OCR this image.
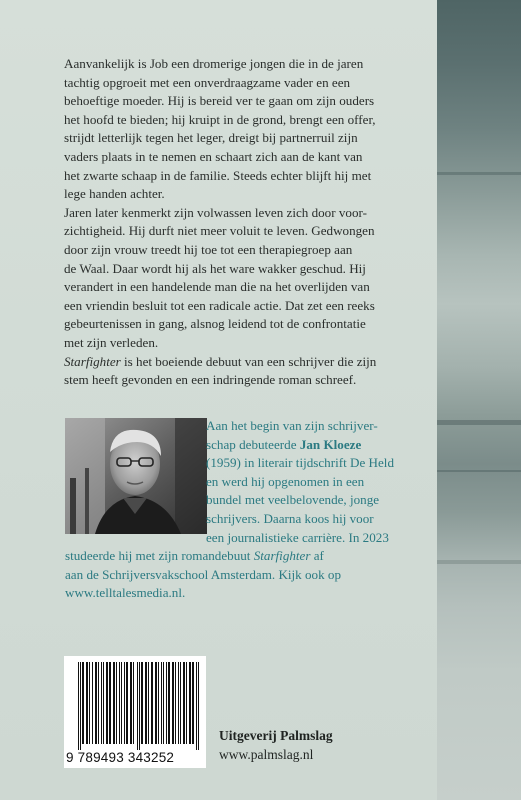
Aanvankelijk is Job een dromerige jongen die in de jaren
tachtig opgroeit met een onverdraagzame vader en een
behoeftige moeder. Hij is bereid ver te gaan om zijn ouders
het hoofd te bieden; hij kruipt in de grond, brengt een offer,
strijdt letterlijk tegen het leger, dreigt bij partnerruil zijn
vaders plaats in te nemen en schaart zich aan de kant van
het zwarte schaap in de familie. Steeds echter blijft hij met
lege handen achter.

Jaren later kenmerkt zijn volwassen leven zich door voor-
zichtigheid. Hij durft niet meer voluit te leven. Gedwongen
door zijn vrouw treedt hij toe tot een therapiegroep aan
de Waal. Daar wordt hij als het ware wakker geschud. Hij
verandert in een handelende man die na het overlijden van
een vriendin besluit tot een radicale actie. Dat zet een reeks
gebeurtenissen in gang, alsnog leidend tot de confrontatie
met zijn verleden.

Starfighter is het boeiende debuut van een schrijver die zijn
stem heeft gevonden en een indringende roman schreef.

Aan het begin van zijn schrijver-
schap debuteerde Jan Kloeze
(1959) in literair tijdschrift De Held
en werd hij opgenomen in een
bundel met veelbelovende, jonge
schrijvers. Daarna koos hij voor
een journalistieke carrière. In 2023
studeerde hij met zijn romandebuut Starfighter af
aan de Schrijversvakschool Amsterdam. Kijk ook op
www.telltalesmedia.nl.
9 789493 343252
Uitgeverij Palmslag
www.palmslag.nl
